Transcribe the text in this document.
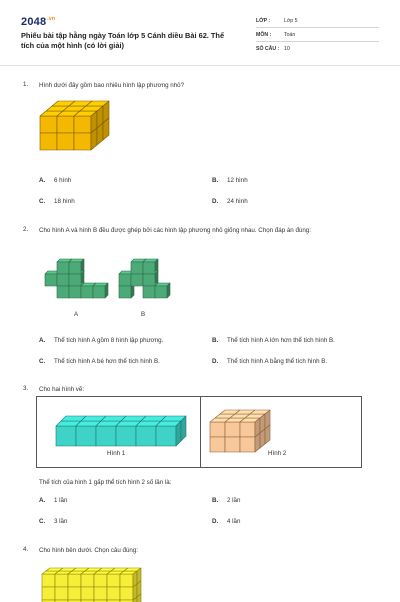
$2048^{.vn}$
Phiếu bài tập hằng ngày Toán lớp 5 Cánh diều Bài 62. Thể tích của một hình (có lời giải)
LỚP :	Lớp 5
MÔN : Toán
SỐ CÂU : 10
1. Hình dưới đây gồm bao nhiêu hình lập phương nhỏ?
A. 6 hình	B. 12 hình
C. 18 hình	D. 24 hình
2. Cho hình A và hình B đều được ghép bởi các hình lập phương nhỏ giống nhau. Chọn đáp án đúng:
A	B
A. Thể tích hình A gồm 8 hình lập phương.	B. Thể tích hình A lớn hơn thể tích hình B.
C. Thể tích hình A bé hơn thể tích hình B.	D. Thể tích hình A bằng thể tích hình B.
3. Cho hai hình vẽ:
Hình 1	Hình 2
Thể tích của hình 1 gấp thể tích hình 2 số lần là:
A. 1 lần	B. 2 lần
C. 3 lần	D. 4 lần
4. Cho hình bên dưới. Chọn câu đúng:
